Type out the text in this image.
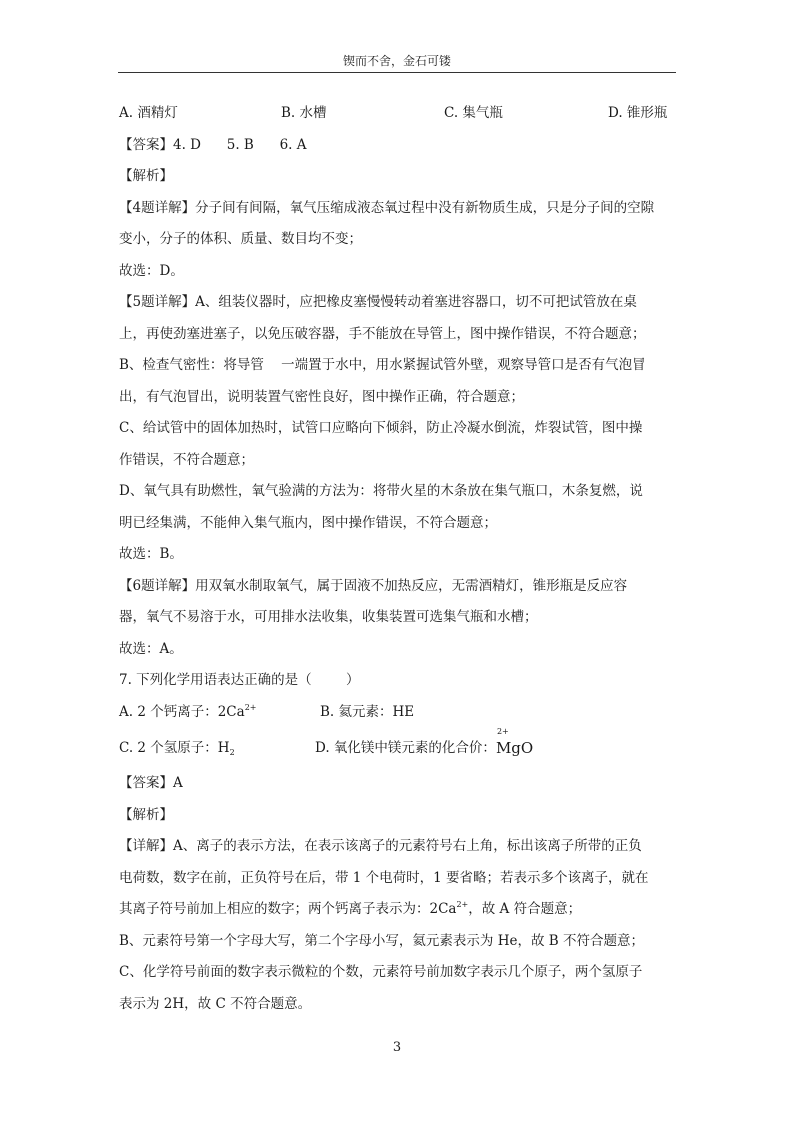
锲而不舍，金石可镂
A. 酒精灯	B. 水槽	C. 集气瓶	D. 锥形瓶
【答案】4. D      5. B      6. A
【解析】
【4题详解】分子间有间隔，氧气压缩成液态氧过程中没有新物质生成，只是分子间的空隙
变小，分子的体积、质量、数目均不变；
故选：D。
【5题详解】A、组装仪器时，应把橡皮塞慢慢转动着塞进容器口，切不可把试管放在桌
上，再使劲塞进塞子，以免压破容器，手不能放在导管上，图中操作错误，不符合题意；
B、检查气密性：将导管    一端置于水中，用水紧握试管外壁，观察导管口是否有气泡冒
出，有气泡冒出，说明装置气密性良好，图中操作正确，符合题意；
C、给试管中的固体加热时，试管口应略向下倾斜，防止冷凝水倒流，炸裂试管，图中操
作错误，不符合题意；
D、氧气具有助燃性，氧气验满的方法为：将带火星的木条放在集气瓶口，木条复燃，说
明已经集满，不能伸入集气瓶内，图中操作错误，不符合题意；
故选：B。
【6题详解】用双氧水制取氧气，属于固液不加热反应，无需酒精灯，锥形瓶是反应容
器，氧气不易溶于水，可用排水法收集，收集装置可选集气瓶和水槽；
故选：A。
7. 下列化学用语表达正确的是（        ）
A. 2 个钙离子：$2Ca^{2+}$	B. 氦元素：HE
C. 2 个氢原子：$H_2$	D. 氧化镁中镁元素的化合价：
2+
MgO
【答案】A
【解析】
【详解】A、离子的表示方法，在表示该离子的元素符号右上角，标出该离子所带的正负
电荷数，数字在前，正负符号在后，带 1 个电荷时，1 要省略；若表示多个该离子，就在
其离子符号前加上相应的数字；两个钙离子表示为：$2Ca^{2+}$，故 A 符合题意；
B、元素符号第一个字母大写，第二个字母小写，氦元素表示为 He，故 B 不符合题意；
C、化学符号前面的数字表示微粒的个数，元素符号前加数字表示几个原子，两个氢原子
表示为 2H，故 C 不符合题意。
3
